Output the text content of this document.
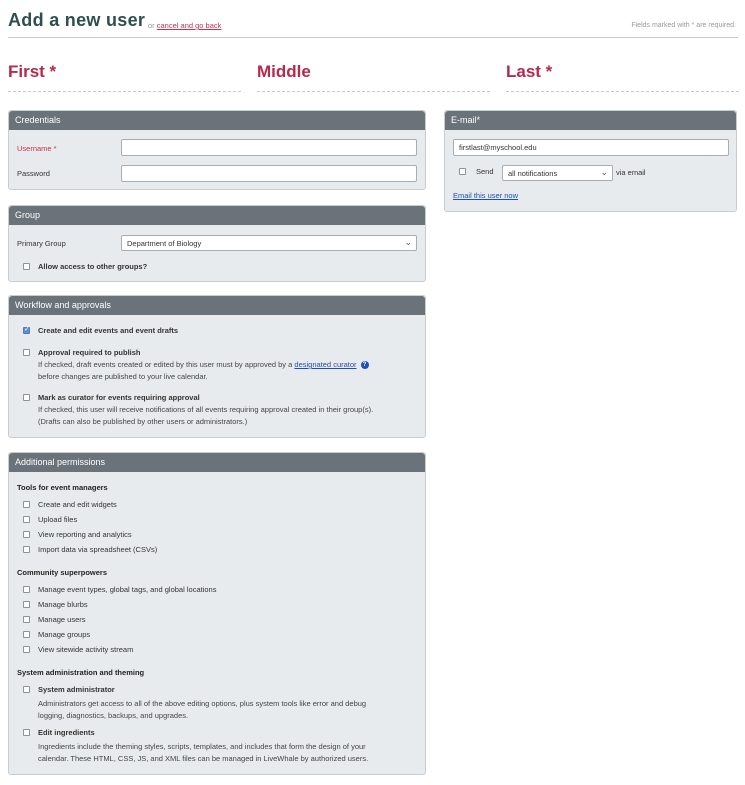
Add a new user or cancel and go back	Fields marked with * are required.
First *	Middle	Last *
Credentials
Username *
Password
E-mail*
firstlast@myschool.edu
Send	all notifications	⌄ via email
Email this user now
Group
Primary Group	Department of Biology	⌄
Allow access to other groups?
Workflow and approvals
✓
Create and edit events and event drafts
Approval required to publish
If checked, draft events created or edited by this user must by approved by a designated curator ?
before changes are published to your live calendar.
Mark as curator for events requiring approval
If checked, this user will receive notifications of all events requiring approval created in their group(s).
(Drafts can also be published by other users or administrators.)
Additional permissions
Tools for event managers
Create and edit widgets
Upload files
View reporting and analytics
Import data via spreadsheet (CSVs)
Community superpowers
Manage event types, global tags, and global locations
Manage blurbs
Manage users
Manage groups
View sitewide activity stream
System administration and theming
System administrator
Administrators get access to all of the above editing options, plus system tools like error and debug
logging, diagnostics, backups, and upgrades.
Edit ingredients
Ingredients include the theming styles, scripts, templates, and includes that form the design of your
calendar. These HTML, CSS, JS, and XML files can be managed in LiveWhale by authorized users.
